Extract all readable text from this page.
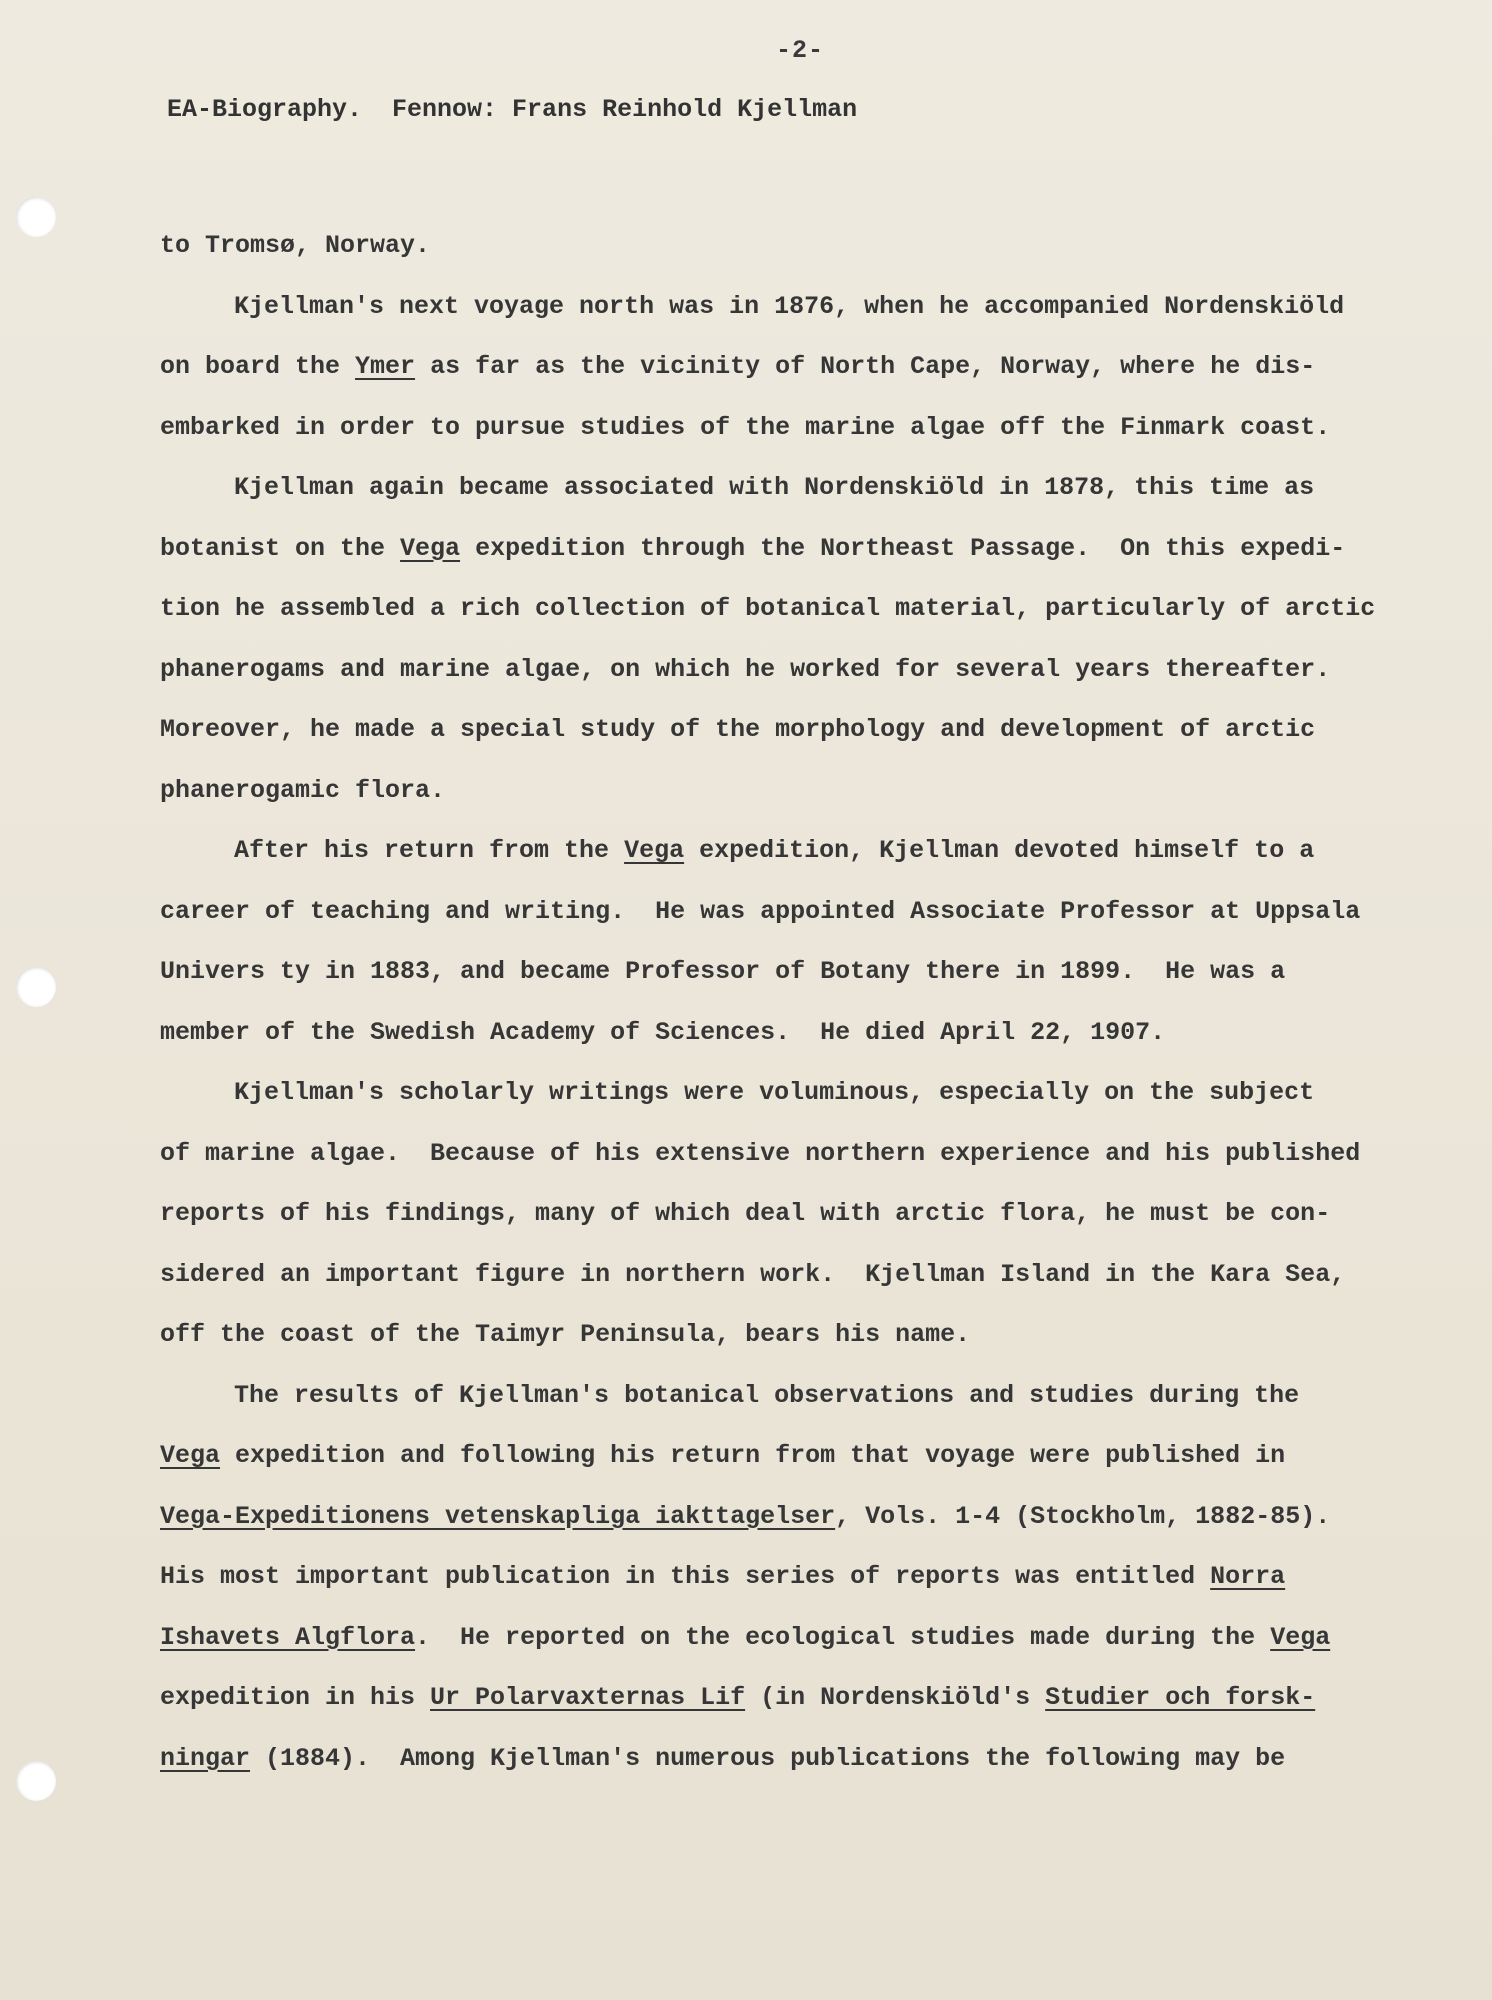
-2-
EA-Biography.  Fennow: Frans Reinhold Kjellman
to Tromsø, Norway.
Kjellman's next voyage north was in 1876, when he accompanied Nordenskiöld
on board the Ymer as far as the vicinity of North Cape, Norway, where he dis-
embarked in order to pursue studies of the marine algae off the Finmark coast.
Kjellman again became associated with Nordenskiöld in 1878, this time as
botanist on the Vega expedition through the Northeast Passage.  On this expedi-
tion he assembled a rich collection of botanical material, particularly of arctic
phanerogams and marine algae, on which he worked for several years thereafter.
Moreover, he made a special study of the morphology and development of arctic
phanerogamic flora.
After his return from the Vega expedition, Kjellman devoted himself to a
career of teaching and writing.  He was appointed Associate Professor at Uppsala
Univers ty in 1883, and became Professor of Botany there in 1899.  He was a
member of the Swedish Academy of Sciences.  He died April 22, 1907.
Kjellman's scholarly writings were voluminous, especially on the subject
of marine algae.  Because of his extensive northern experience and his published
reports of his findings, many of which deal with arctic flora, he must be con-
sidered an important figure in northern work.  Kjellman Island in the Kara Sea,
off the coast of the Taimyr Peninsula, bears his name.
The results of Kjellman's botanical observations and studies during the
Vega expedition and following his return from that voyage were published in
Vega-Expeditionens vetenskapliga iakttagelser, Vols. 1-4 (Stockholm, 1882-85).
His most important publication in this series of reports was entitled Norra
Ishavets Algflora.  He reported on the ecological studies made during the Vega
expedition in his Ur Polarvaxternas Lif (in Nordenskiöld's Studier och forsk-
ningar (1884).  Among Kjellman's numerous publications the following may be
